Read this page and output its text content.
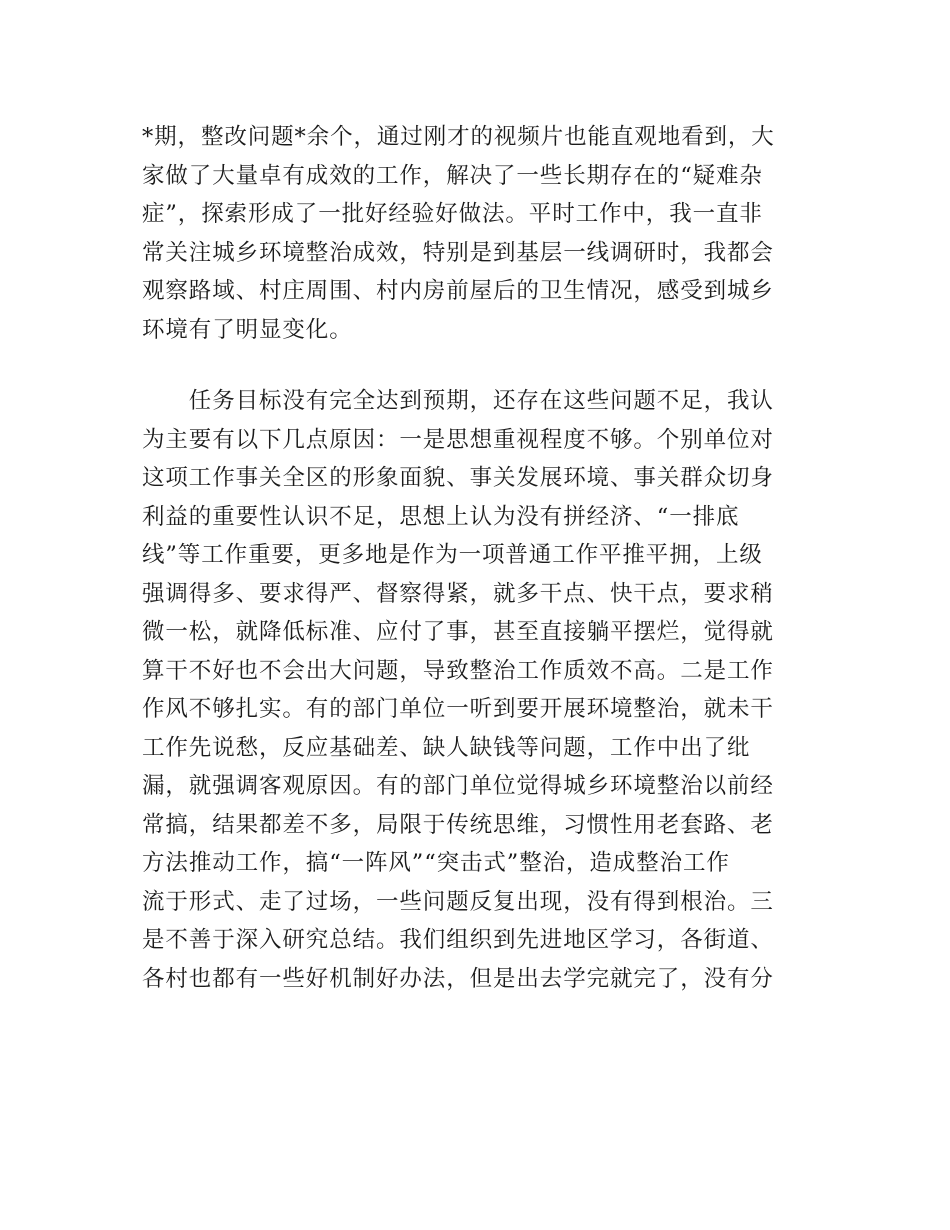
*期，整改问题*余个，通过刚才的视频片也能直观地看到，大
家做了大量卓有成效的工作，解决了一些长期存在的“疑难杂
症”，探索形成了一批好经验好做法。平时工作中，我一直非
常关注城乡环境整治成效，特别是到基层一线调研时，我都会
观察路域、村庄周围、村内房前屋后的卫生情况，感受到城乡
环境有了明显变化。
　　任务目标没有完全达到预期，还存在这些问题不足，我认
为主要有以下几点原因：一是思想重视程度不够。个别单位对
这项工作事关全区的形象面貌、事关发展环境、事关群众切身
利益的重要性认识不足，思想上认为没有拼经济、“一排底
线”等工作重要，更多地是作为一项普通工作平推平拥，上级
强调得多、要求得严、督察得紧，就多干点、快干点，要求稍
微一松，就降低标准、应付了事，甚至直接躺平摆烂，觉得就
算干不好也不会出大问题，导致整治工作质效不高。二是工作
作风不够扎实。有的部门单位一听到要开展环境整治，就未干
工作先说愁，反应基础差、缺人缺钱等问题，工作中出了纰
漏，就强调客观原因。有的部门单位觉得城乡环境整治以前经
常搞，结果都差不多，局限于传统思维，习惯性用老套路、老
方法推动工作，搞“一阵风”“突击式”整治，造成整治工作
流于形式、走了过场，一些问题反复出现，没有得到根治。三
是不善于深入研究总结。我们组织到先进地区学习，各街道、
各村也都有一些好机制好办法，但是出去学完就完了，没有分
